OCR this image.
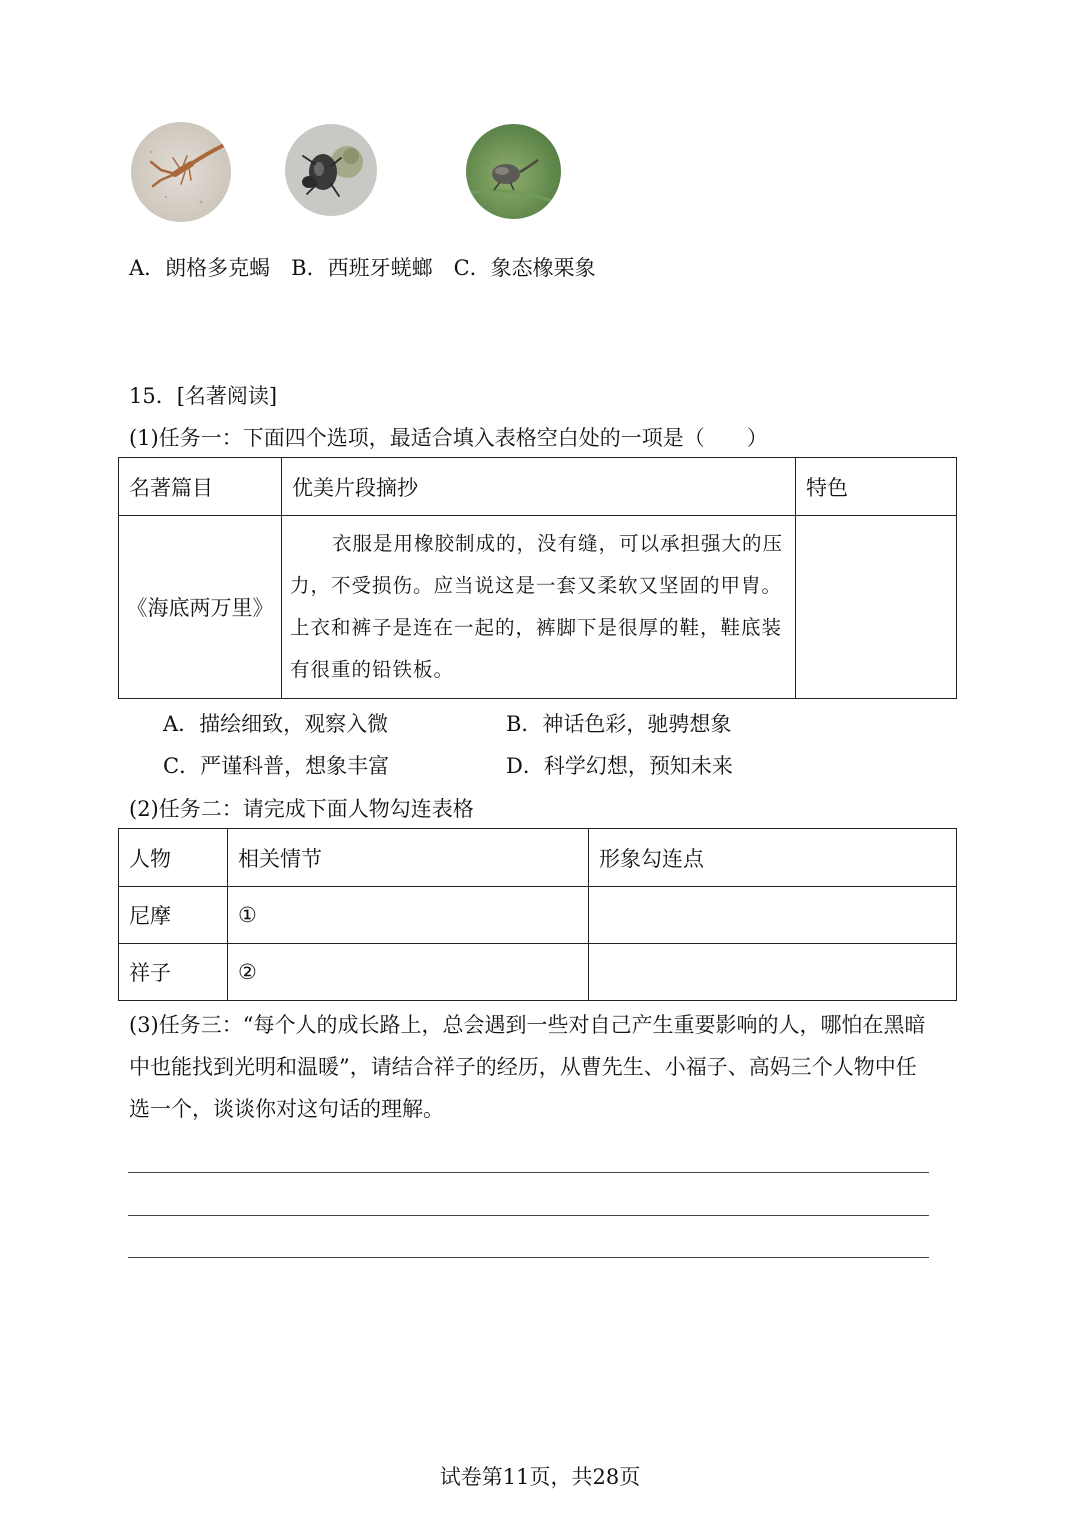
A．朗格多克蝎　B．西班牙蜣螂　C．象态橡栗象
15．[名著阅读]
(1)任务一：下面四个选项，最适合填入表格空白处的一项是（　　）
名著篇目	优美片段摘抄	特色
《海底两万里》	衣服是用橡胶制成的，没有缝，可以承担强大的压力，不受损伤。应当说这是一套又柔软又坚固的甲胄。上衣和裤子是连在一起的，裤脚下是很厚的鞋，鞋底装有很重的铅铁板。	

A．描绘细致，观察入微	B．神话色彩，驰骋想象
C．严谨科普，想象丰富	D．科学幻想，预知未来
(2)任务二：请完成下面人物勾连表格
人物	相关情节	形象勾连点
尼摩	①	
祥子	②	
(3)任务三：“每个人的成长路上，总会遇到一些对自己产生重要影响的人，哪怕在黑暗
中也能找到光明和温暖”，请结合祥子的经历，从曹先生、小福子、高妈三个人物中任
选一个，谈谈你对这句话的理解。
试卷第11页，共28页
